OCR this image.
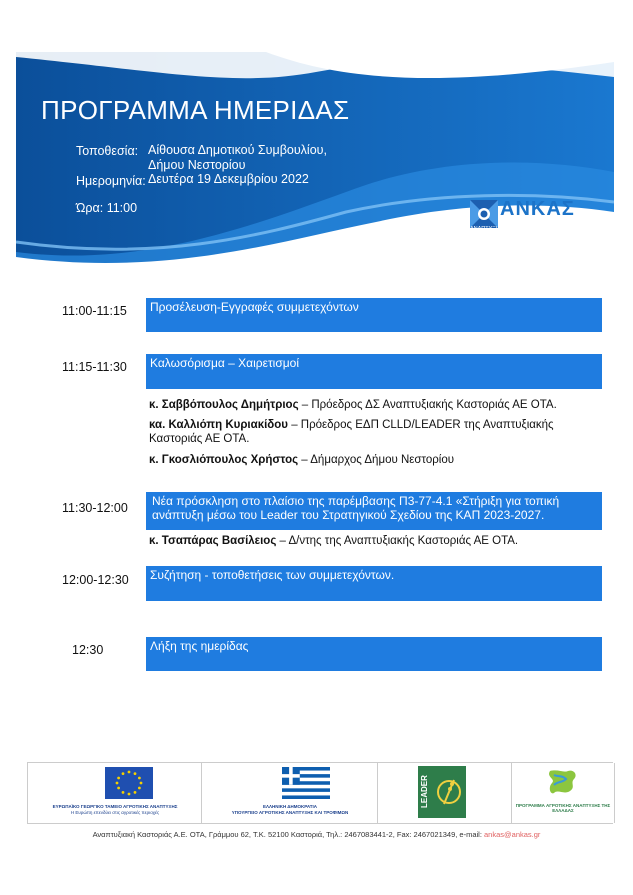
ΠΡΟΓΡΑΜΜΑ ΗΜΕΡΙΔΑΣ
Τοποθεσία: Αίθουσα Δημοτικού Συμβουλίου,
Δήμου Νεστορίου
Ημερομηνία: Δευτέρα 19 Δεκεμβρίου 2022
Ώρα: 11:00	ΑΝΚΑΣ
ΑΝΑΠΤΥΞΙΑΚΗ ΚΑΣΤΟΡΙΑΣ Α.Ε. Ο.Τ.Α.
11:00-11:15 Προσέλευση-Εγγραφές συμμετεχόντων
11:15-11:30 Καλωσόρισμα – Χαιρετισμοί
κ. Σαββόπουλος Δημήτριος – Πρόεδρος ΔΣ Αναπτυξιακής Καστοριάς ΑΕ ΟΤΑ.
κα. Καλλιόπη Κυριακίδου – Πρόεδρος ΕΔΠ CLLD/LEADER της Αναπτυξιακής
Καστοριάς ΑΕ ΟΤΑ.
κ. Γκοσλιόπουλος Χρήστος – Δήμαρχος Δήμου Νεστορίου
11:30-12:00 Νέα πρόσκληση στο πλαίσιο της παρέμβασης Π3-77-4.1 «Στήριξη για τοπική
ανάπτυξη μέσω του Leader του Στρατηγικού Σχεδίου της ΚΑΠ 2023-2027.
κ. Τσαπάρας Βασίλειος – Δ/ντης της Αναπτυξιακής Καστοριάς ΑΕ ΟΤΑ.
12:00-12:30 Συζήτηση - τοποθετήσεις των συμμετεχόντων.
12:30	Λήξη της ημερίδας
ΕΥΡΩΠΑΪΚΟ ΓΕΩΡΓΙΚΟ ΤΑΜΕΙΟ ΑΓΡΟΤΙΚΗΣ ΑΝΑΠΤΥΞΗΣ
Η Ευρώπη επενδύει στις αγροτικές περιοχές
ΕΛΛΗΝΙΚΗ ΔΗΜΟΚΡΑΤΙΑ
ΥΠΟΥΡΓΕΙΟ ΑΓΡΟΤΙΚΗΣ ΑΝΑΠΤΥΞΗΣ ΚΑΙ ΤΡΟΦΙΜΩΝ
LEADER	ΠΡΟΓΡΑΜΜΑ ΑΓΡΟΤΙΚΗΣ ΑΝΑΠΤΥΞΗΣ ΤΗΣ ΕΛΛΑΔΑΣ
Αναπτυξιακή Καστοριάς Α.Ε. ΟΤΑ, Γράμμου 62, Τ.Κ. 52100 Καστοριά, Τηλ.: 2467083441-2, Fax: 2467021349, e-mail: ankas@ankas.gr
